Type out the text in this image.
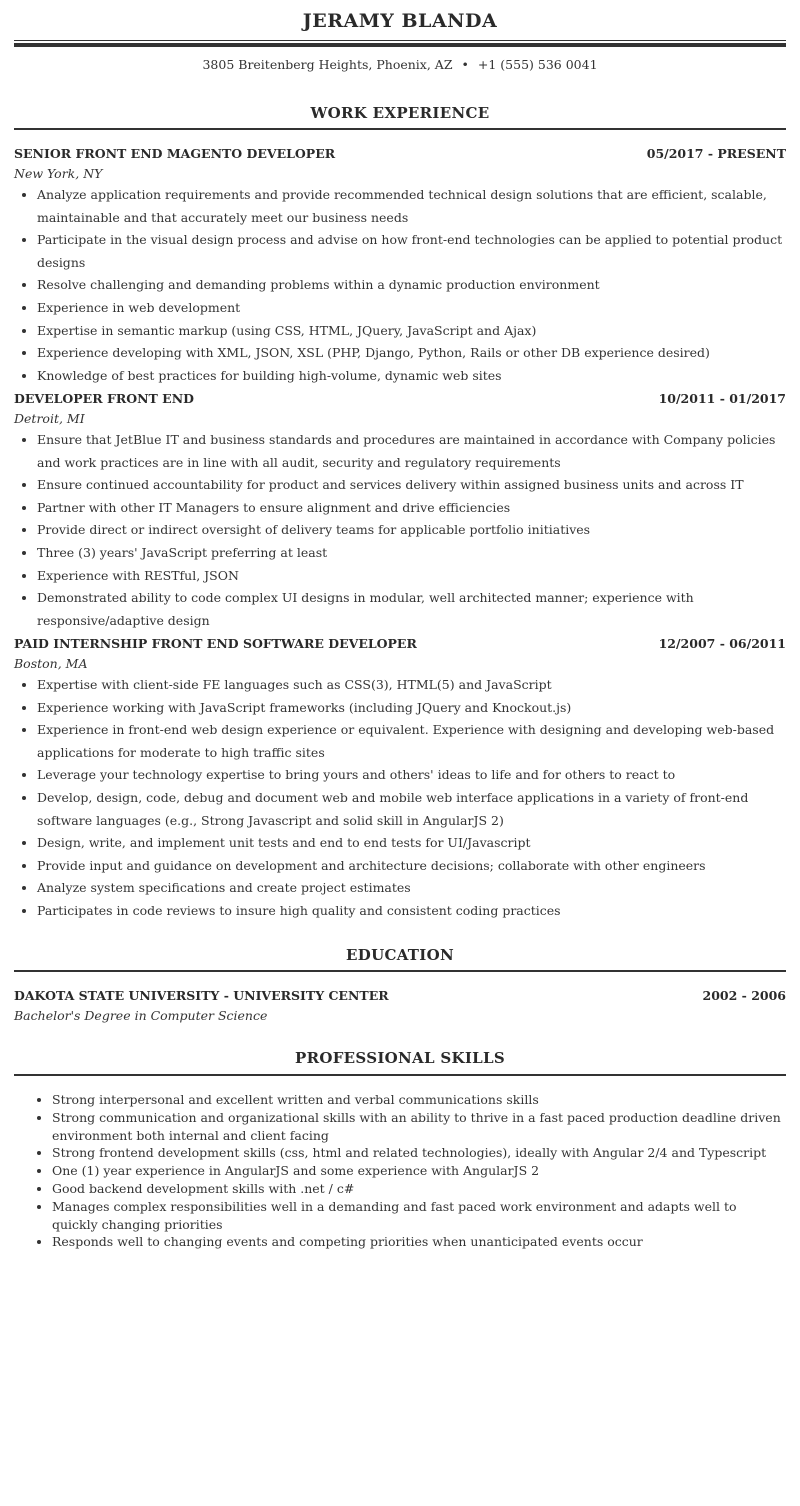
JERAMY BLANDA
3805 Breitenberg Heights, Phoenix, AZ • +1 (555) 536 0041
WORK EXPERIENCE
SENIOR FRONT END MAGENTO DEVELOPER	05/2017 - PRESENT
New York, NY
• Analyze application requirements and provide recommended technical design solutions that are efficient, scalable, maintainable and that accurately meet our business needs
• Participate in the visual design process and advise on how front-end technologies can be applied to potential product designs
• Resolve challenging and demanding problems within a dynamic production environment
• Experience in web development
• Expertise in semantic markup (using CSS, HTML, JQuery, JavaScript and Ajax)
• Experience developing with XML, JSON, XSL (PHP, Django, Python, Rails or other DB experience desired)
• Knowledge of best practices for building high-volume, dynamic web sites
DEVELOPER FRONT END	10/2011 - 01/2017
Detroit, MI
• Ensure that JetBlue IT and business standards and procedures are maintained in accordance with Company policies and work practices are in line with all audit, security and regulatory requirements
• Ensure continued accountability for product and services delivery within assigned business units and across IT
• Partner with other IT Managers to ensure alignment and drive efficiencies
• Provide direct or indirect oversight of delivery teams for applicable portfolio initiatives
• Three (3) years' JavaScript preferring at least
• Experience with RESTful, JSON
• Demonstrated ability to code complex UI designs in modular, well architected manner; experience with responsive/adaptive design
PAID INTERNSHIP FRONT END SOFTWARE DEVELOPER	12/2007 - 06/2011
Boston, MA
• Expertise with client-side FE languages such as CSS(3), HTML(5) and JavaScript
• Experience working with JavaScript frameworks (including JQuery and Knockout.js)
• Experience in front-end web design experience or equivalent. Experience with designing and developing web-based applications for moderate to high traffic sites
• Leverage your technology expertise to bring yours and others' ideas to life and for others to react to
• Develop, design, code, debug and document web and mobile web interface applications in a variety of front-end software languages (e.g., Strong Javascript and solid skill in AngularJS 2)
• Design, write, and implement unit tests and end to end tests for UI/Javascript
• Provide input and guidance on development and architecture decisions; collaborate with other engineers
• Analyze system specifications and create project estimates
• Participates in code reviews to insure high quality and consistent coding practices
EDUCATION
DAKOTA STATE UNIVERSITY - UNIVERSITY CENTER	2002 - 2006
Bachelor's Degree in Computer Science
PROFESSIONAL SKILLS
• Strong interpersonal and excellent written and verbal communications skills
• Strong communication and organizational skills with an ability to thrive in a fast paced production deadline driven environment both internal and client facing
• Strong frontend development skills (css, html and related technologies), ideally with Angular 2/4 and Typescript
• One (1) year experience in AngularJS and some experience with AngularJS 2
• Good backend development skills with .net / c#
• Manages complex responsibilities well in a demanding and fast paced work environment and adapts well to quickly changing priorities
• Responds well to changing events and competing priorities when unanticipated events occur
